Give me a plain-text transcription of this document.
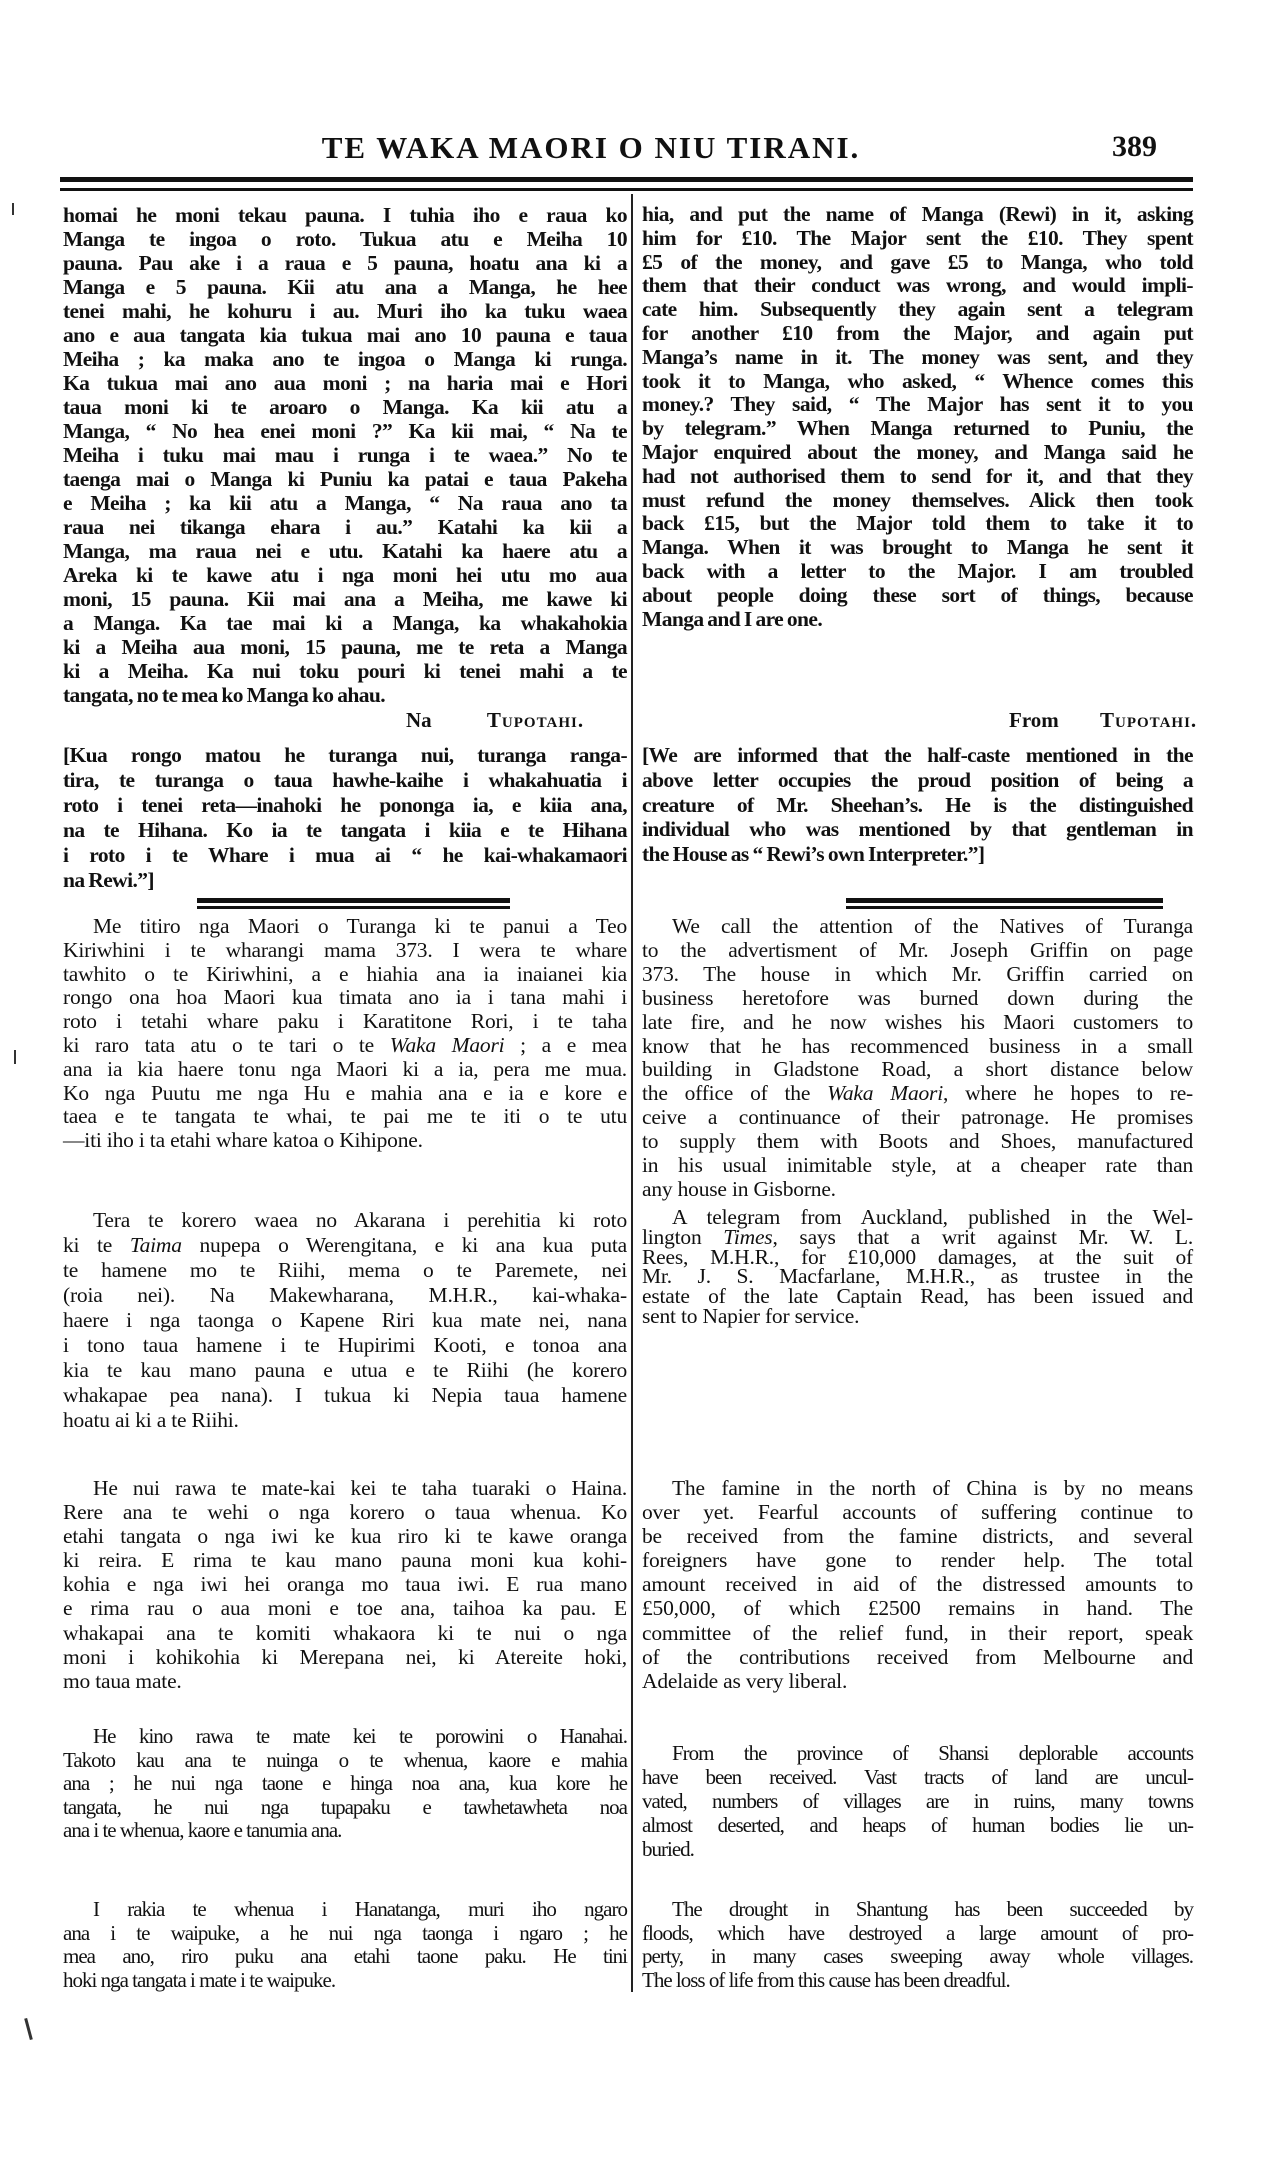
TE WAKA MAORI O NIU TIRANI.	389
homai he moni tekau pauna. I tuhia iho e raua ko
Manga te ingoa o roto. Tukua atu e Meiha 10
pauna. Pau ake i a raua e 5 pauna, hoatu ana ki a
Manga e 5 pauna. Kii atu ana a Manga, he hee
tenei mahi, he kohuru i au. Muri iho ka tuku waea
ano e aua tangata kia tukua mai ano 10 pauna e taua
Meiha ; ka maka ano te ingoa o Manga ki runga.
Ka tukua mai ano aua moni ; na haria mai e Hori
taua moni ki te aroaro o Manga. Ka kii atu a
Manga, “ No hea enei moni ?” Ka kii mai, “ Na te
Meiha i tuku mai mau i runga i te waea.” No te
taenga mai o Manga ki Puniu ka patai e taua Pakeha
e Meiha ; ka kii atu a Manga, “ Na raua ano ta
raua nei tikanga ehara i au.” Katahi ka kii a
Manga, ma raua nei e utu. Katahi ka haere atu a
Areka ki te kawe atu i nga moni hei utu mo aua
moni, 15 pauna. Kii mai ana a Meiha, me kawe ki
a Manga. Ka tae mai ki a Manga, ka whakahokia
ki a Meiha aua moni, 15 pauna, me te reta a Manga
ki a Meiha. Ka nui toku pouri ki tenei mahi a te
tangata, no te mea ko Manga ko ahau.
Na	Tupotahi.
[Kua rongo matou he turanga nui, turanga ranga-
tira, te turanga o taua hawhe-kaihe i whakahuatia i
roto i tenei reta—inahoki he pononga ia, e kiia ana,
na te Hihana. Ko ia te tangata i kiia e te Hihana
i roto i te Whare i mua ai “ he kai-whakamaori
na Rewi.”]
Me titiro nga Maori o Turanga ki te panui a Teo
Kiriwhini i te wharangi mama 373. I wera te whare
tawhito o te Kiriwhini, a e hiahia ana ia inaianei kia
rongo ona hoa Maori kua timata ano ia i tana mahi i
roto i tetahi whare paku i Karatitone Rori, i te taha
ki raro tata atu o te tari o te Waka Maori ; a e mea
ana ia kia haere tonu nga Maori ki a ia, pera me mua.
Ko nga Puutu me nga Hu e mahia ana e ia e kore e
taea e te tangata te whai, te pai me te iti o te utu
—iti iho i ta etahi whare katoa o Kihipone.
Tera te korero waea no Akarana i perehitia ki roto
ki te Taima nupepa o Werengitana, e ki ana kua puta
te hamene mo te Riihi, mema o te Paremete, nei
(roia nei). Na Makewharana, M.H.R., kai-whaka-
haere i nga taonga o Kapene Riri kua mate nei, nana
i tono taua hamene i te Hupirimi Kooti, e tonoa ana
kia te kau mano pauna e utua e te Riihi (he korero
whakapae pea nana). I tukua ki Nepia taua hamene
hoatu ai ki a te Riihi.
He nui rawa te mate-kai kei te taha tuaraki o Haina.
Rere ana te wehi o nga korero o taua whenua. Ko
etahi tangata o nga iwi ke kua riro ki te kawe oranga
ki reira. E rima te kau mano pauna moni kua kohi-
kohia e nga iwi hei oranga mo taua iwi. E rua mano
e rima rau o aua moni e toe ana, taihoa ka pau. E
whakapai ana te komiti whakaora ki te nui o nga
moni i kohikohia ki Merepana nei, ki Atereite hoki,
mo taua mate.
He kino rawa te mate kei te porowini o Hanahai.
Takoto kau ana te nuinga o te whenua, kaore e mahia
ana ; he nui nga taone e hinga noa ana, kua kore he
tangata, he nui nga tupapaku e tawhetawheta noa
ana i te whenua, kaore e tanumia ana.
I rakia te whenua i Hanatanga, muri iho ngaro
ana i te waipuke, a he nui nga taonga i ngaro ; he
mea ano, riro puku ana etahi taone paku. He tini
hoki nga tangata i mate i te waipuke.
hia, and put the name of Manga (Rewi) in it, asking
him for £10. The Major sent the £10. They spent
£5 of the money, and gave £5 to Manga, who told
them that their conduct was wrong, and would impli-
cate him. Subsequently they again sent a telegram
for another £10 from the Major, and again put
Manga’s name in it. The money was sent, and they
took it to Manga, who asked, “ Whence comes this
money.? They said, “ The Major has sent it to you
by telegram.” When Manga returned to Puniu, the
Major enquired about the money, and Manga said he
had not authorised them to send for it, and that they
must refund the money themselves. Alick then took
back £15, but the Major told them to take it to
Manga. When it was brought to Manga he sent it
back with a letter to the Major. I am troubled
about people doing these sort of things, because
Manga and I are one.
From Tupotahi.
[We are informed that the half-caste mentioned in the
above letter occupies the proud position of being a
creature of Mr. Sheehan’s. He is the distinguished
individual who was mentioned by that gentleman in
the House as “ Rewi’s own Interpreter.”]
We call the attention of the Natives of Turanga
to the advertisment of Mr. Joseph Griffin on page
373. The house in which Mr. Griffin carried on
business heretofore was burned down during the
late fire, and he now wishes his Maori customers to
know that he has recommenced business in a small
building in Gladstone Road, a short distance below
the office of the Waka Maori, where he hopes to re-
ceive a continuance of their patronage. He promises
to supply them with Boots and Shoes, manufactured
in his usual inimitable style, at a cheaper rate than
any house in Gisborne.
A telegram from Auckland, published in the Wel-
lington Times, says that a writ against Mr. W. L.
Rees, M.H.R., for £10,000 damages, at the suit of
Mr. J. S. Macfarlane, M.H.R., as trustee in the
estate of the late Captain Read, has been issued and
sent to Napier for service.
The famine in the north of China is by no means
over yet. Fearful accounts of suffering continue to
be received from the famine districts, and several
foreigners have gone to render help. The total
amount received in aid of the distressed amounts to
£50,000, of which £2500 remains in hand. The
committee of the relief fund, in their report, speak
of the contributions received from Melbourne and
Adelaide as very liberal.
From the province of Shansi deplorable accounts
have been received. Vast tracts of land are uncul-
vated, numbers of villages are in ruins, many towns
almost deserted, and heaps of human bodies lie un-
buried.
The drought in Shantung has been succeeded by
floods, which have destroyed a large amount of pro-
perty, in many cases sweeping away whole villages.
The loss of life from this cause has been dreadful.
